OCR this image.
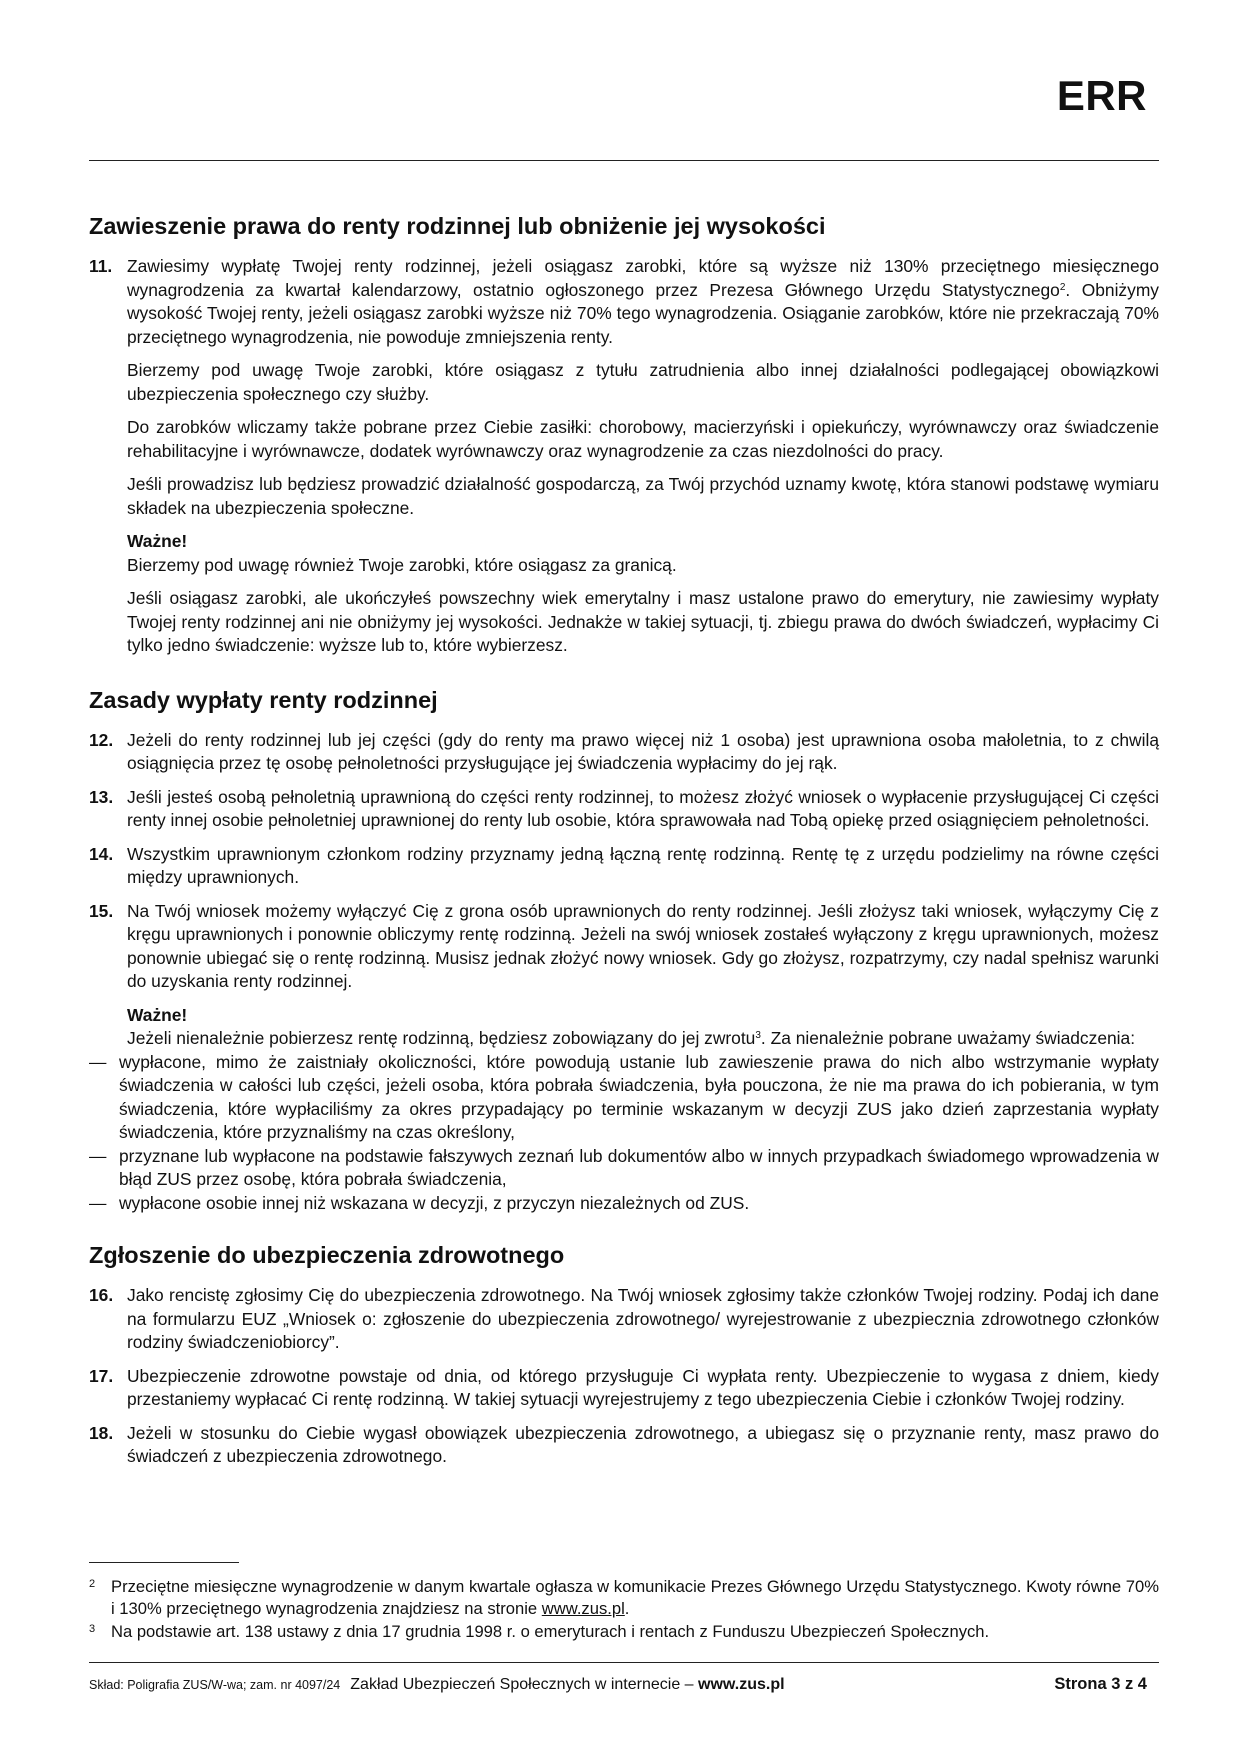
ERR
Zawieszenie prawa do renty rodzinnej lub obniżenie jej wysokości
11. Zawiesimy wypłatę Twojej renty rodzinnej, jeżeli osiągasz zarobki, które są wyższe niż 130% przeciętnego miesięcznego wynagrodzenia za kwartał kalendarzowy, ostatnio ogłoszonego przez Prezesa Głównego Urzędu Statystycznego$^2$. Obniżymy wysokość Twojej renty, jeżeli osiągasz zarobki wyższe niż 70% tego wynagrodzenia. Osiąganie zarobków, które nie przekraczają 70% przeciętnego wynagrodzenia, nie powoduje zmniejszenia renty.

Bierzemy pod uwagę Twoje zarobki, które osiągasz z tytułu zatrudnienia albo innej działalności podlegającej obowiązkowi ubezpieczenia społecznego czy służby.

Do zarobków wliczamy także pobrane przez Ciebie zasiłki: chorobowy, macierzyński i opiekuńczy, wyrównawczy oraz świadczenie rehabilitacyjne i wyrównawcze, dodatek wyrównawczy oraz wynagrodzenie za czas niezdolności do pracy.

Jeśli prowadzisz lub będziesz prowadzić działalność gospodarczą, za Twój przychód uznamy kwotę, która stanowi podstawę wymiaru składek na ubezpieczenia społeczne.

Ważne!
Bierzemy pod uwagę również Twoje zarobki, które osiągasz za granicą.

Jeśli osiągasz zarobki, ale ukończyłeś powszechny wiek emerytalny i masz ustalone prawo do emerytury, nie zawiesimy wypłaty Twojej renty rodzinnej ani nie obniżymy jej wysokości. Jednakże w takiej sytuacji, tj. zbiegu prawa do dwóch świadczeń, wypłacimy Ci tylko jedno świadczenie: wyższe lub to, które wybierzesz.

Zasady wypłaty renty rodzinnej
12. Jeżeli do renty rodzinnej lub jej części (gdy do renty ma prawo więcej niż 1 osoba) jest uprawniona osoba małoletnia, to z chwilą osiągnięcia przez tę osobę pełnoletności przysługujące jej świadczenia wypłacimy do jej rąk.
13. Jeśli jesteś osobą pełnoletnią uprawnioną do części renty rodzinnej, to możesz złożyć wniosek o wypłacenie przysługującej Ci części renty innej osobie pełnoletniej uprawnionej do renty lub osobie, która sprawowała nad Tobą opiekę przed osiągnięciem pełnoletności.
14. Wszystkim uprawnionym członkom rodziny przyznamy jedną łączną rentę rodzinną. Rentę tę z urzędu podzielimy na równe części między uprawnionych.
15. Na Twój wniosek możemy wyłączyć Cię z grona osób uprawnionych do renty rodzinnej. Jeśli złożysz taki wniosek, wyłączymy Cię z kręgu uprawnionych i ponownie obliczymy rentę rodzinną. Jeżeli na swój wniosek zostałeś wyłączony z kręgu uprawnionych, możesz ponownie ubiegać się o rentę rodzinną. Musisz jednak złożyć nowy wniosek. Gdy go złożysz, rozpatrzymy, czy nadal spełnisz warunki do uzyskania renty rodzinnej.

Ważne!
Jeżeli nienależnie pobierzesz rentę rodzinną, będziesz zobowiązany do jej zwrotu$^3$. Za nienależnie pobrane uważamy świadczenia:

— wypłacone, mimo że zaistniały okoliczności, które powodują ustanie lub zawieszenie prawa do nich albo wstrzymanie wypłaty świadczenia w całości lub części, jeżeli osoba, która pobrała świadczenia, była pouczona, że nie ma prawa do ich pobierania, w tym świadczenia, które wypłaciliśmy za okres przypadający po terminie wskazanym w decyzji ZUS jako dzień zaprzestania wypłaty świadczenia, które przyznaliśmy na czas określony,
— przyznane lub wypłacone na podstawie fałszywych zeznań lub dokumentów albo w innych przypadkach świadomego wprowadzenia w błąd ZUS przez osobę, która pobrała świadczenia,
— wypłacone osobie innej niż wskazana w decyzji, z przyczyn niezależnych od ZUS.
Zgłoszenie do ubezpieczenia zdrowotnego
16. Jako rencistę zgłosimy Cię do ubezpieczenia zdrowotnego. Na Twój wniosek zgłosimy także członków Twojej rodziny. Podaj ich dane na formularzu EUZ „Wniosek o: zgłoszenie do ubezpieczenia zdrowotnego/ wyrejestrowanie z ubezpiecznia zdrowotnego członków rodziny świadczeniobiorcy”.
17. Ubezpieczenie zdrowotne powstaje od dnia, od którego przysługuje Ci wypłata renty. Ubezpieczenie to wygasa z dniem, kiedy przestaniemy wypłacać Ci rentę rodzinną. W takiej sytuacji wyrejestrujemy z tego ubezpieczenia Ciebie i członków Twojej rodziny.
18. Jeżeli w stosunku do Ciebie wygasł obowiązek ubezpieczenia zdrowotnego, a ubiegasz się o przyznanie renty, masz prawo do świadczeń z ubezpieczenia zdrowotnego.
2 Przeciętne miesięczne wynagrodzenie w danym kwartale ogłasza w komunikacie Prezes Głównego Urzędu Statystycznego. Kwoty równe 70% i 130% przeciętnego wynagrodzenia znajdziesz na stronie www.zus.pl.
3 Na podstawie art. 138 ustawy z dnia 17 grudnia 1998 r. o emeryturach i rentach z Funduszu Ubezpieczeń Społecznych.
Skład: Poligrafia ZUS/W-wa; zam. nr 4097/24 Zakład Ubezpieczeń Społecznych w internecie – www.zus.pl	Strona 3 z 4
